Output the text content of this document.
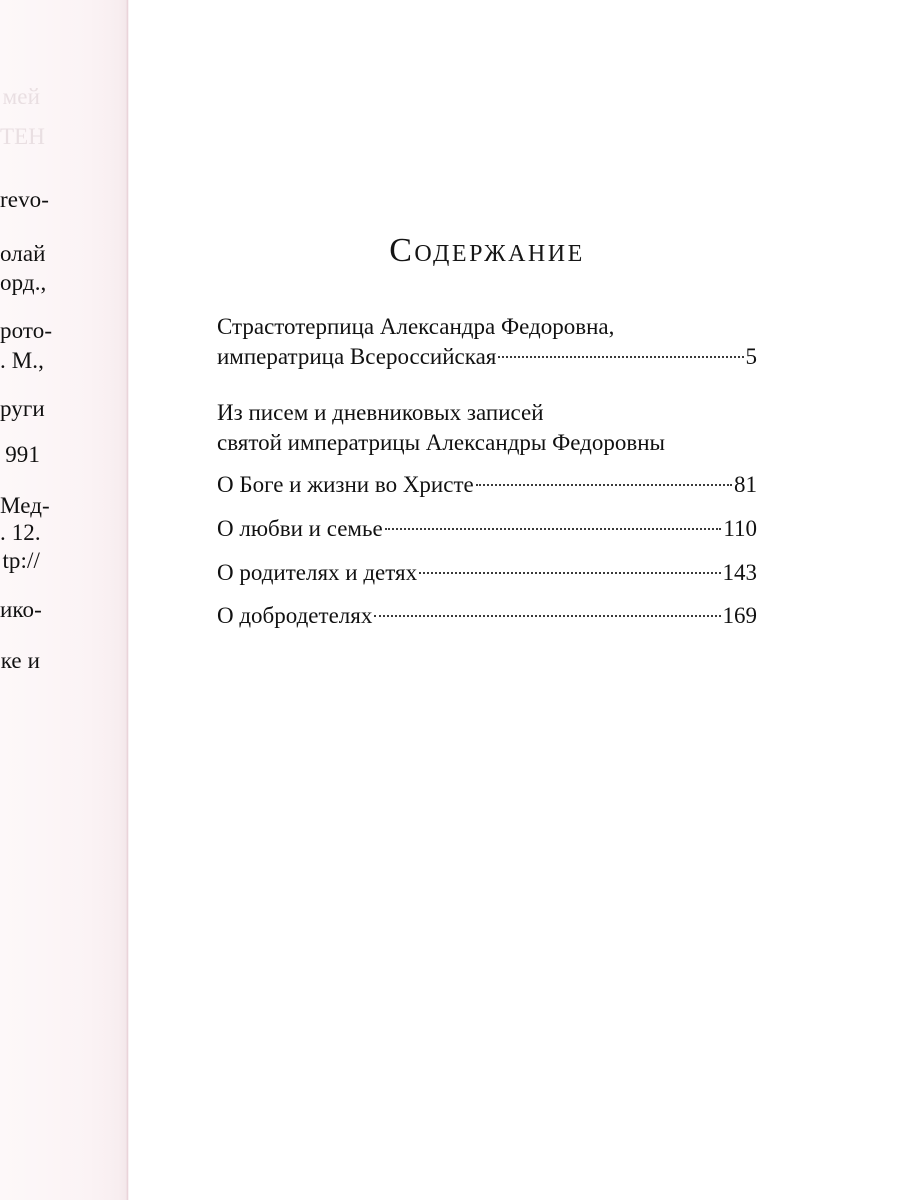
мей
ТЕН
revo-
олай
орд.,
рото-
. М.,
руги
991
Мед-
. 12.
tp://
ико-
ке и
Содержание
Страстотерпица Александра Федоровна,
императрица Всероссийская	5
Из писем и дневниковых записей
святой императрицы Александры Федоровны
О Боге и жизни во Христе	81
О любви и семье	110
О родителях и детях	143
О добродетелях	169
